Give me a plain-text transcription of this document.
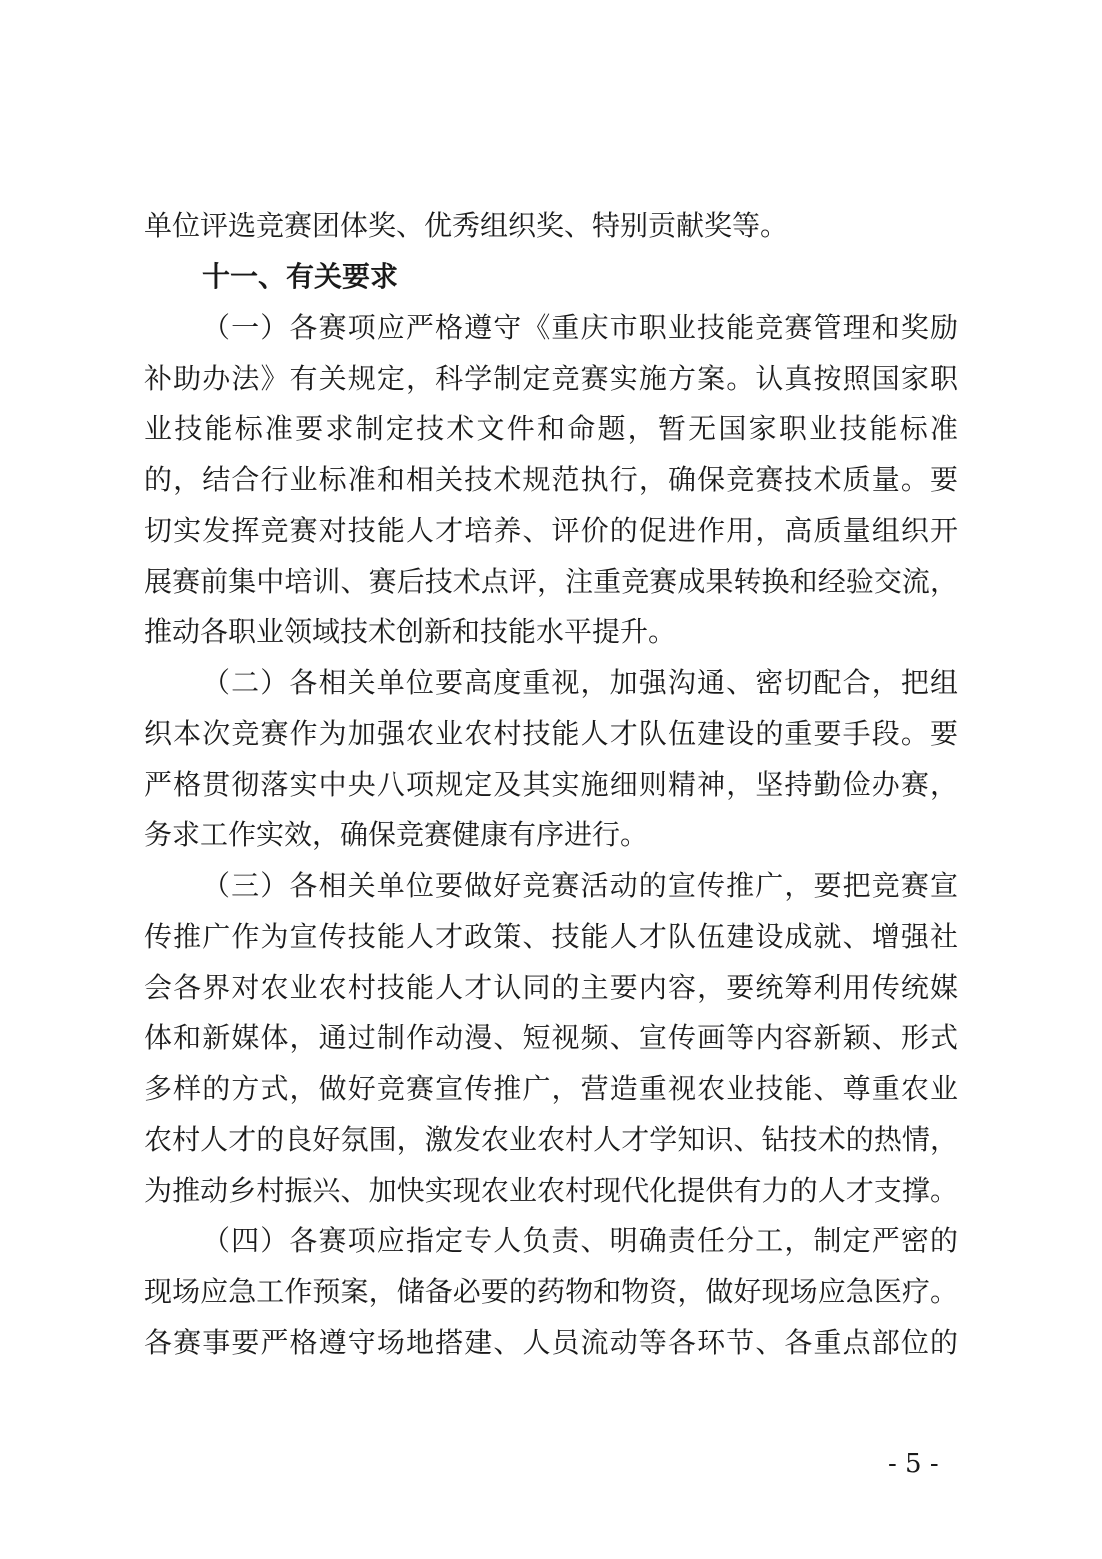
单位评选竞赛团体奖、优秀组织奖、特别贡献奖等。
十一、有关要求
（一）各赛项应严格遵守《重庆市职业技能竞赛管理和奖励
补助办法》有关规定，科学制定竞赛实施方案。认真按照国家职
业技能标准要求制定技术文件和命题，暂无国家职业技能标准
的，结合行业标准和相关技术规范执行，确保竞赛技术质量。要
切实发挥竞赛对技能人才培养、评价的促进作用，高质量组织开
展赛前集中培训、赛后技术点评，注重竞赛成果转换和经验交流，
推动各职业领域技术创新和技能水平提升。
（二）各相关单位要高度重视，加强沟通、密切配合，把组
织本次竞赛作为加强农业农村技能人才队伍建设的重要手段。要
严格贯彻落实中央八项规定及其实施细则精神，坚持勤俭办赛，
务求工作实效，确保竞赛健康有序进行。
（三）各相关单位要做好竞赛活动的宣传推广，要把竞赛宣
传推广作为宣传技能人才政策、技能人才队伍建设成就、增强社
会各界对农业农村技能人才认同的主要内容，要统筹利用传统媒
体和新媒体，通过制作动漫、短视频、宣传画等内容新颖、形式
多样的方式，做好竞赛宣传推广，营造重视农业技能、尊重农业
农村人才的良好氛围，激发农业农村人才学知识、钻技术的热情，
为推动乡村振兴、加快实现农业农村现代化提供有力的人才支撑。
（四）各赛项应指定专人负责、明确责任分工，制定严密的
现场应急工作预案，储备必要的药物和物资，做好现场应急医疗。
各赛事要严格遵守场地搭建、人员流动等各环节、各重点部位的
- 5 -
